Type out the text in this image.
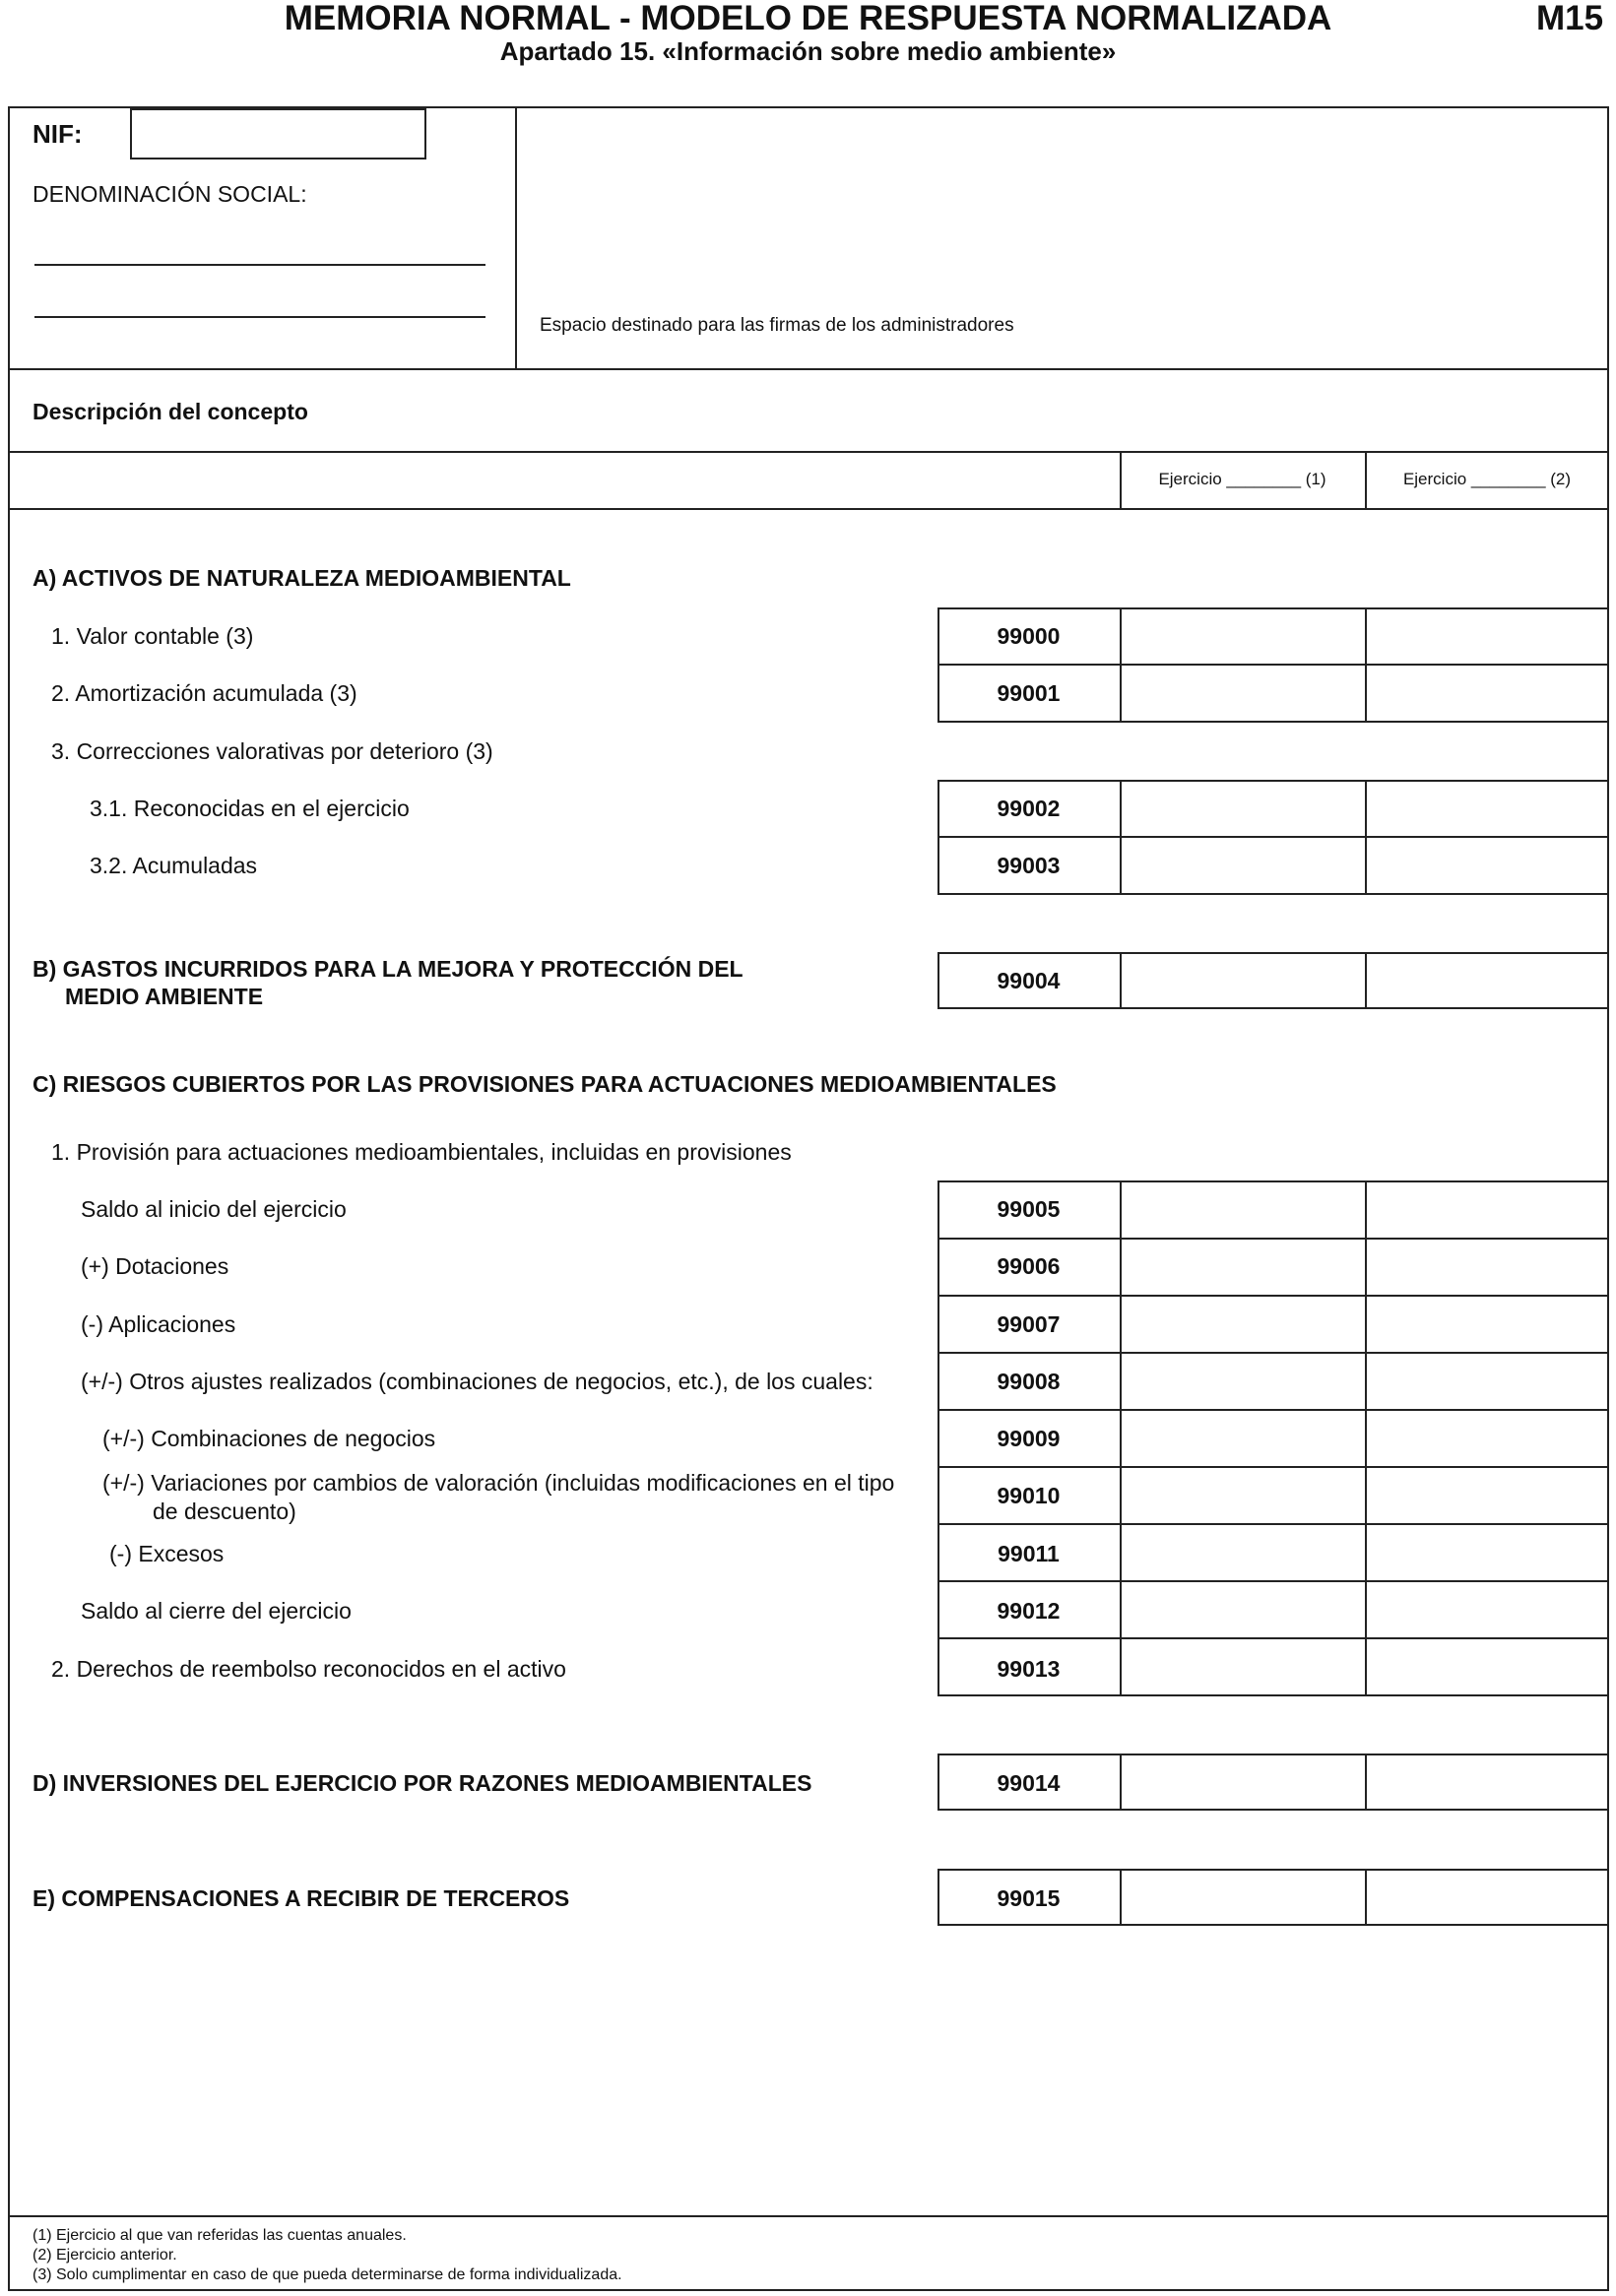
MEMORIA NORMAL - MODELO DE RESPUESTA NORMALIZADA
Apartado 15. «Información sobre medio ambiente»
M15
NIF:
DENOMINACIÓN SOCIAL:
Espacio destinado para las firmas de los administradores
Descripción del concepto
Ejercicio ________ (1)	Ejercicio ________ (2)
A) ACTIVOS DE NATURALEZA MEDIOAMBIENTAL
1. Valor contable (3)
2. Amortización acumulada (3)
3. Correcciones valorativas por deterioro (3)
3.1. Reconocidas en el ejercicio
3.2. Acumuladas
B) GASTOS INCURRIDOS PARA LA MEJORA Y PROTECCIÓN DEL
MEDIO AMBIENTE
C) RIESGOS CUBIERTOS POR LAS PROVISIONES PARA ACTUACIONES MEDIOAMBIENTALES
1. Provisión para actuaciones medioambientales, incluidas en provisiones
Saldo al inicio del ejercicio
(+) Dotaciones
(-) Aplicaciones
(+/-) Otros ajustes realizados (combinaciones de negocios, etc.), de los cuales:
(+/-) Combinaciones de negocios
(+/-) Variaciones por cambios de valoración (incluidas modificaciones en el tipo
de descuento)
(-) Excesos
Saldo al cierre del ejercicio
2. Derechos de reembolso reconocidos en el activo
D) INVERSIONES DEL EJERCICIO POR RAZONES MEDIOAMBIENTALES
E) COMPENSACIONES A RECIBIR DE TERCEROS
99000
99001
99002
99003
99004
99005
99006
99007
99008
99009
99010
99011
99012
99013
99014
99015
(1) Ejercicio al que van referidas las cuentas anuales.
(2) Ejercicio anterior.
(3) Solo cumplimentar en caso de que pueda determinarse de forma individualizada.
